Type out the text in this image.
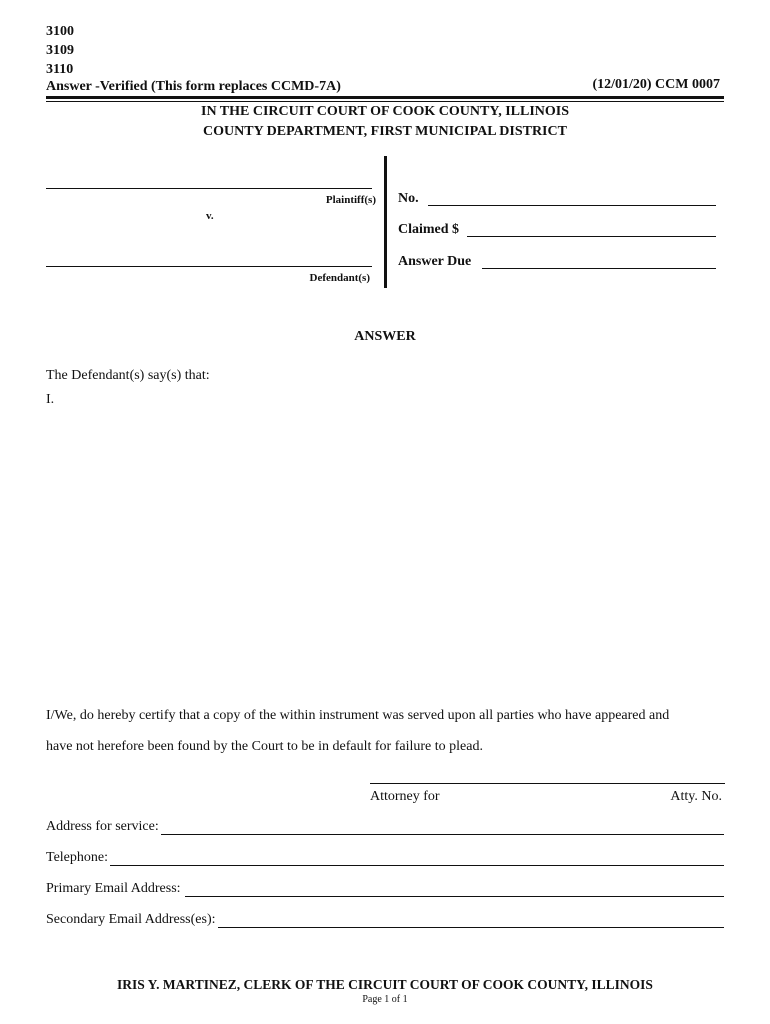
3100
3109
3110
Answer -Verified (This form replaces CCMD-7A)	(12/01/20) CCM 0007
IN THE CIRCUIT COURT OF COOK COUNTY, ILLINOIS
COUNTY DEPARTMENT, FIRST MUNICIPAL DISTRICT
Plaintiff(s)
v.
Defendant(s)
No.
Claimed $
Answer Due
ANSWER
The Defendant(s) say(s) that:
I.
I/We, do hereby certify that a copy of the within instrument was served upon all parties who have appeared and
have not herefore been found by the Court to be in default for failure to plead.
Attorney for	Atty. No.
Address for service:
Telephone:
Primary Email Address:
Secondary Email Address(es):
IRIS Y. MARTINEZ, CLERK OF THE CIRCUIT COURT OF COOK COUNTY, ILLINOIS
Page 1 of 1
